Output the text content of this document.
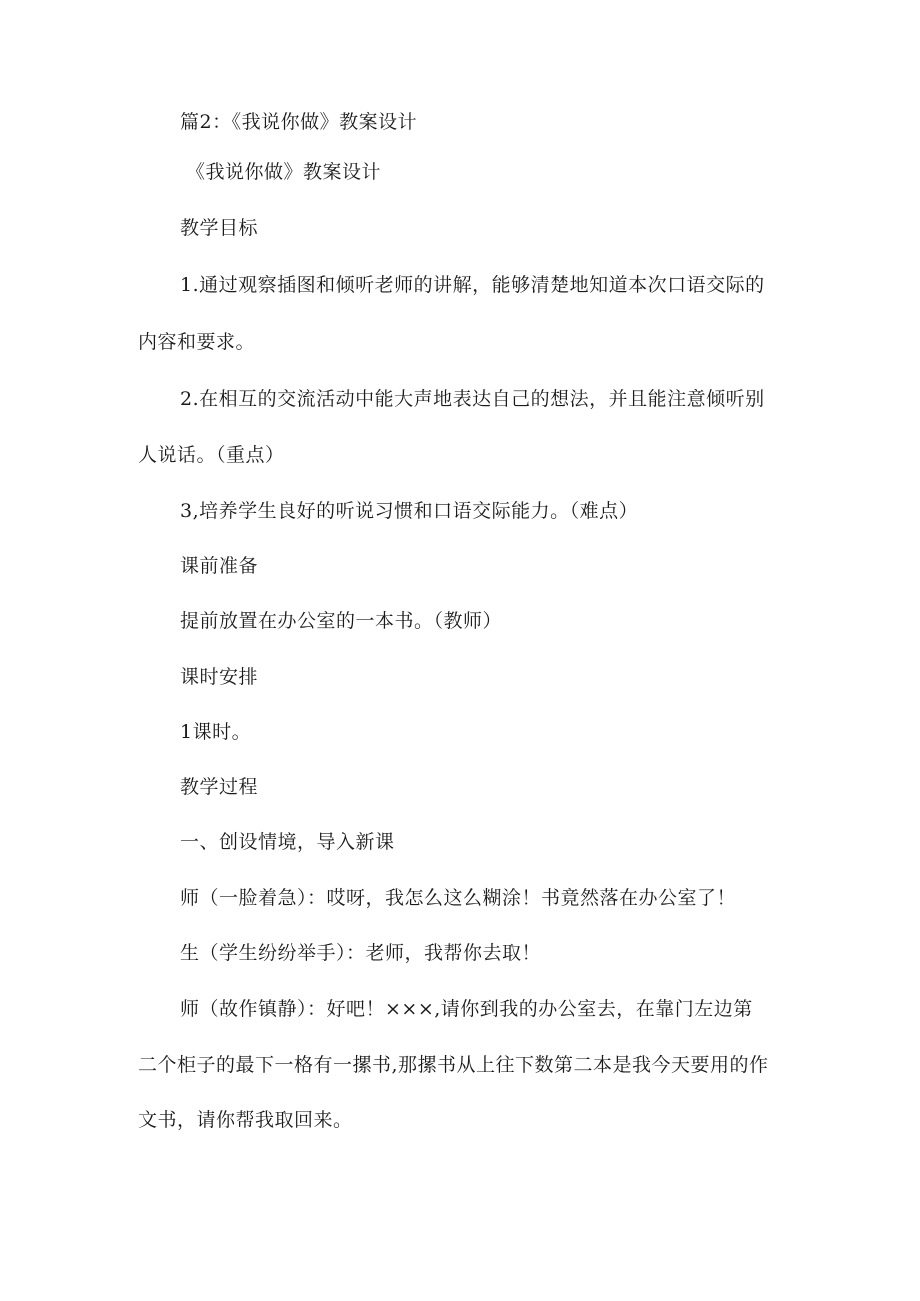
篇2：《我说你做》教案设计
《我说你做》教案设计
教学目标
1.通过观察插图和倾听老师的讲解，能够清楚地知道本次口语交际的
内容和要求。
2.在相互的交流活动中能大声地表达自己的想法，并且能注意倾听别
人说话。（重点）
3,培养学生良好的听说习惯和口语交际能力。（难点）
课前准备
提前放置在办公室的一本书。（教师）
课时安排
1课时。
教学过程
一、创设情境，导入新课
师（一脸着急）：哎呀，我怎么这么糊涂！书竟然落在办公室了！
生（学生纷纷举手）：老师，我帮你去取！
师（故作镇静）：好吧！×××,请你到我的办公室去，在靠门左边第
二个柜子的最下一格有一摞书,那摞书从上往下数第二本是我今天要用的作
文书，请你帮我取回来。
